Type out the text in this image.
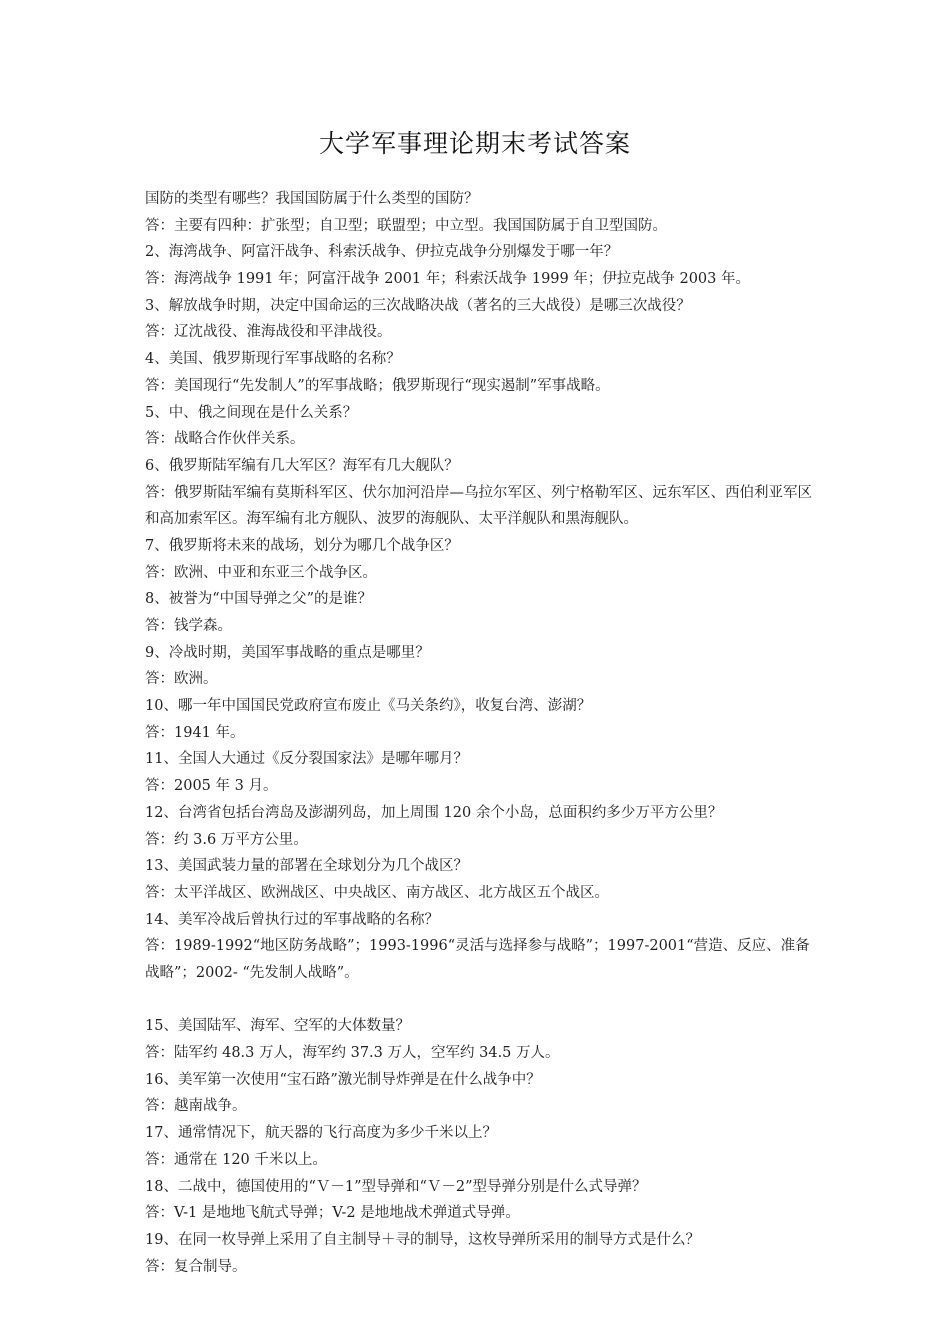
大学军事理论期末考试答案
国防的类型有哪些？我国国防属于什么类型的国防？
答：主要有四种：扩张型；自卫型；联盟型；中立型。我国国防属于自卫型国防。
2、海湾战争、阿富汗战争、科索沃战争、伊拉克战争分别爆发于哪一年？
答：海湾战争 1991 年；阿富汗战争 2001 年；科索沃战争 1999 年；伊拉克战争 2003 年。
3、解放战争时期，决定中国命运的三次战略决战（著名的三大战役）是哪三次战役？
答：辽沈战役、淮海战役和平津战役。
4、美国、俄罗斯现行军事战略的名称？
答：美国现行“先发制人”的军事战略；俄罗斯现行“现实遏制”军事战略。
5、中、俄之间现在是什么关系？
答：战略合作伙伴关系。
6、俄罗斯陆军编有几大军区？海军有几大舰队？
答：俄罗斯陆军编有莫斯科军区、伏尔加河沿岸—乌拉尔军区、列宁格勒军区、远东军区、西伯利亚军区和高加索军区。海军编有北方舰队、波罗的海舰队、太平洋舰队和黑海舰队。
7、俄罗斯将未来的战场，划分为哪几个战争区？
答：欧洲、中亚和东亚三个战争区。
8、被誉为“中国导弹之父”的是谁？
答：钱学森。
9、冷战时期，美国军事战略的重点是哪里？
答：欧洲。
10、哪一年中国国民党政府宣布废止《马关条约》，收复台湾、澎湖？
答：1941 年。
11、全国人大通过《反分裂国家法》是哪年哪月？
答：2005 年 3 月。
12、台湾省包括台湾岛及澎湖列岛，加上周围 120 余个小岛，总面积约多少万平方公里？
答：约 3.6 万平方公里。
13、美国武装力量的部署在全球划分为几个战区？
答：太平洋战区、欧洲战区、中央战区、南方战区、北方战区五个战区。
14、美军冷战后曾执行过的军事战略的名称？
答：1989-1992“地区防务战略”；1993-1996“灵活与选择参与战略”；1997-2001“营造、反应、准备战略”；2002- “先发制人战略”。
15、美国陆军、海军、空军的大体数量？
答：陆军约 48.3 万人，海军约 37.3 万人，空军约 34.5 万人。
16、美军第一次使用“宝石路”激光制导炸弹是在什么战争中？
答：越南战争。
17、通常情况下，航天器的飞行高度为多少千米以上？
答：通常在 120 千米以上。
18、二战中，德国使用的“Ｖ－1”型导弹和“Ｖ－2”型导弹分别是什么式导弹？
答：V-1 是地地飞航式导弹；V-2 是地地战术弹道式导弹。
19、在同一枚导弹上采用了自主制导＋寻的制导，这枚导弹所采用的制导方式是什么？
答：复合制导。
